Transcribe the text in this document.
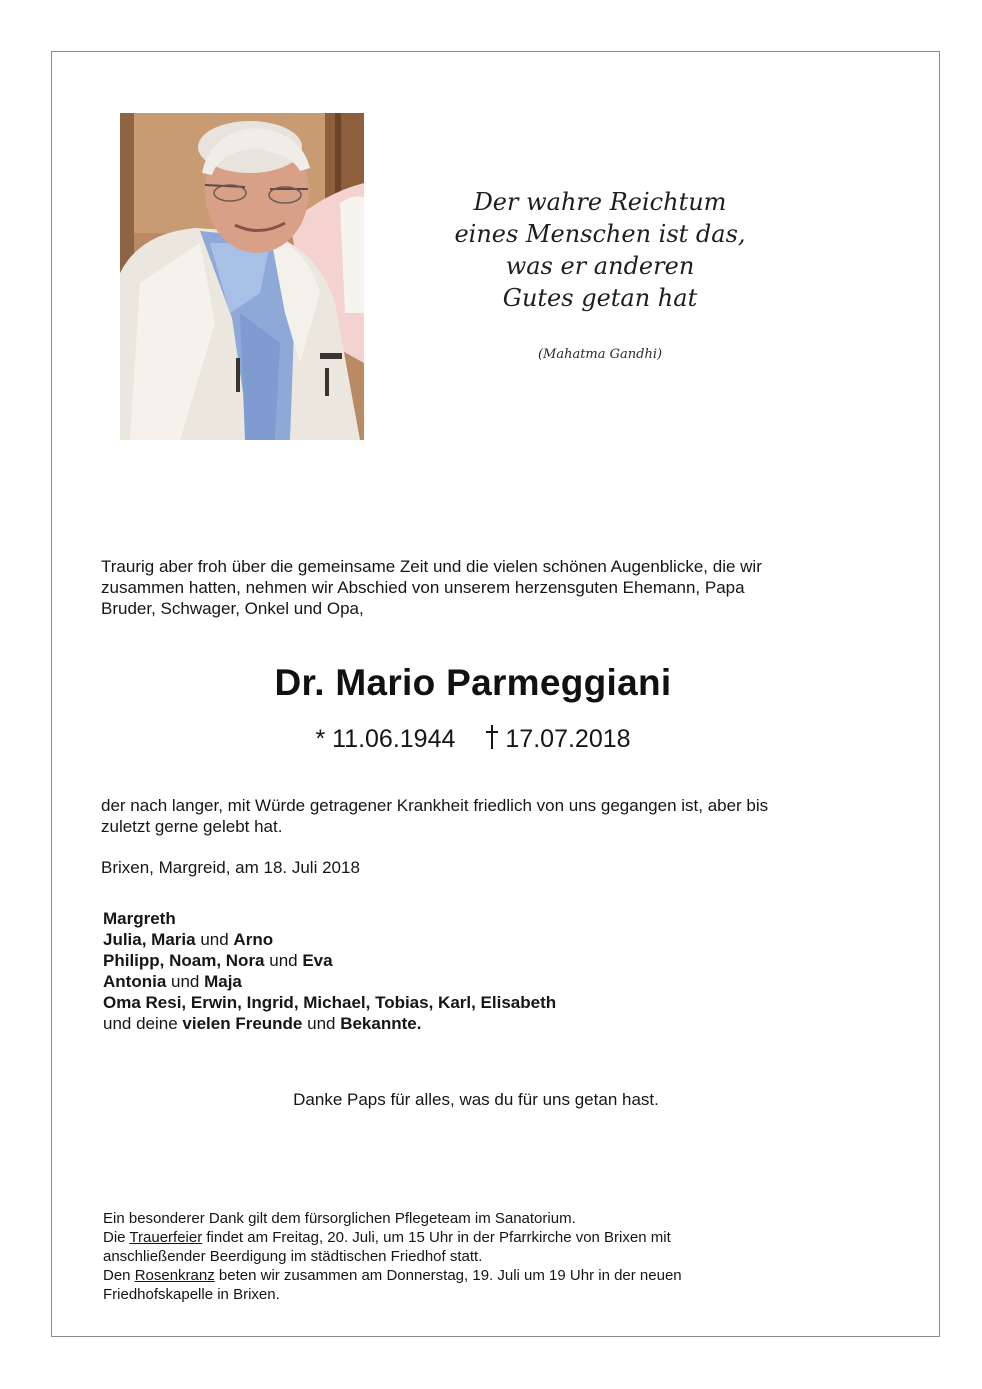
Der wahre Reichtum
eines Menschen ist das,
was er anderen
Gutes getan hat
(Mahatma Gandhi)
Traurig aber froh über die gemeinsame Zeit und die vielen schönen Augenblicke, die wir
zusammen hatten, nehmen wir Abschied von unserem herzensguten Ehemann, Papa
Bruder, Schwager, Onkel und Opa,
Dr. Mario Parmeggiani
* 11.06.1944 17.07.2018
der nach langer, mit Würde getragener Krankheit friedlich von uns gegangen ist, aber bis
zuletzt gerne gelebt hat.
Brixen, Margreid, am 18. Juli 2018
Margreth
Julia, Maria und Arno
Philipp, Noam, Nora und Eva
Antonia und Maja
Oma Resi, Erwin, Ingrid, Michael, Tobias, Karl, Elisabeth
und deine vielen Freunde und Bekannte.
Danke Paps für alles, was du für uns getan hast.
Ein besonderer Dank gilt dem fürsorglichen Pflegeteam im Sanatorium.
Die Trauerfeier findet am Freitag, 20. Juli, um 15 Uhr in der Pfarrkirche von Brixen mit
anschließender Beerdigung im städtischen Friedhof statt.
Den Rosenkranz beten wir zusammen am Donnerstag, 19. Juli um 19 Uhr in der neuen
Friedhofskapelle in Brixen.
